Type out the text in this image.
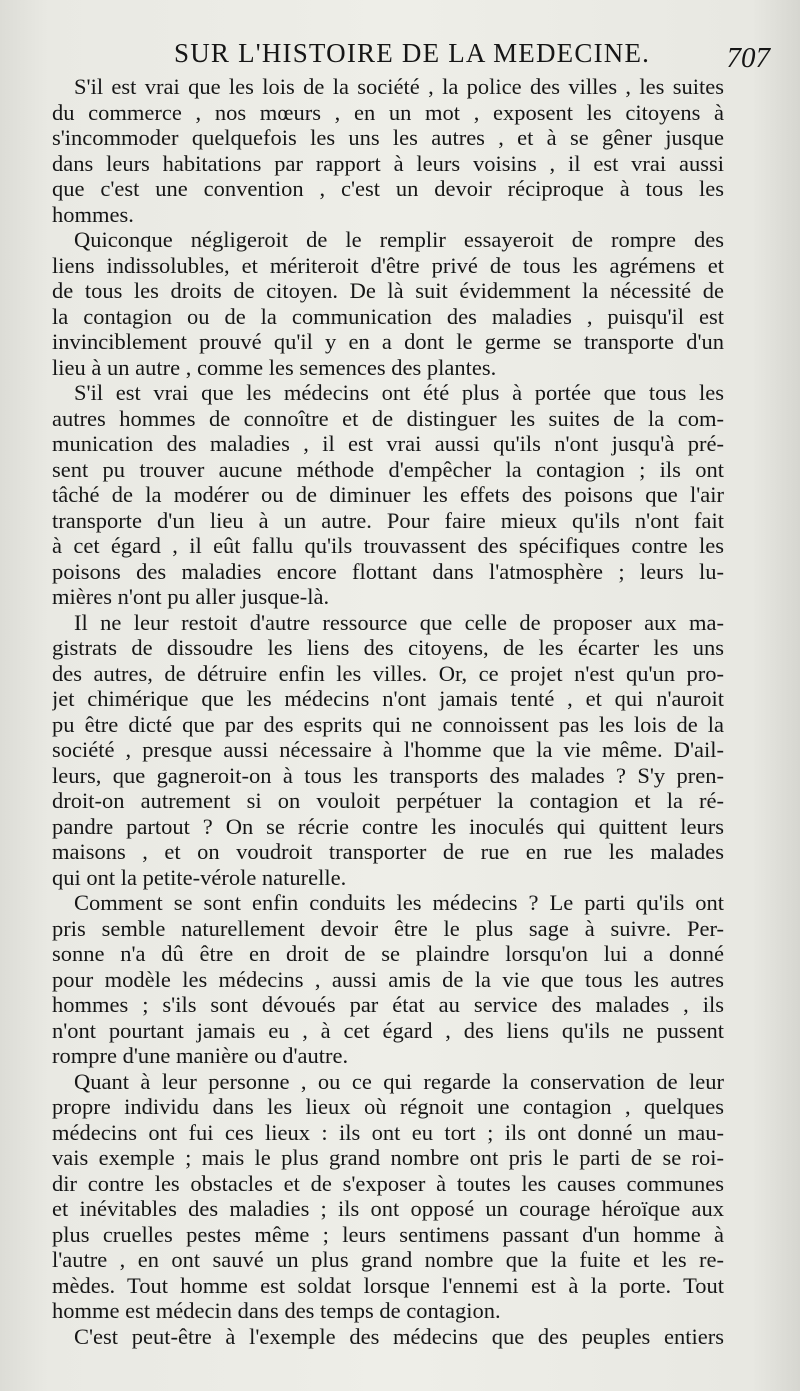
SUR L'HISTOIRE DE LA MEDECINE.	707
S'il est vrai que les lois de la société , la police des villes , les suites
du commerce , nos mœurs , en un mot , exposent les citoyens à
s'incommoder quelquefois les uns les autres , et à se gêner jusque
dans leurs habitations par rapport à leurs voisins , il est vrai aussi
que c'est une convention , c'est un devoir réciproque à tous les
hommes.
Quiconque négligeroit de le remplir essayeroit de rompre des
liens indissolubles, et mériteroit d'être privé de tous les agrémens et
de tous les droits de citoyen. De là suit évidemment la nécessité de
la contagion ou de la communication des maladies , puisqu'il est
invinciblement prouvé qu'il y en a dont le germe se transporte d'un
lieu à un autre , comme les semences des plantes.
S'il est vrai que les médecins ont été plus à portée que tous les
autres hommes de connoître et de distinguer les suites de la com-
munication des maladies , il est vrai aussi qu'ils n'ont jusqu'à pré-
sent pu trouver aucune méthode d'empêcher la contagion ; ils ont
tâché de la modérer ou de diminuer les effets des poisons que l'air
transporte d'un lieu à un autre. Pour faire mieux qu'ils n'ont fait
à cet égard , il eût fallu qu'ils trouvassent des spécifiques contre les
poisons des maladies encore flottant dans l'atmosphère ; leurs lu-
mières n'ont pu aller jusque-là.
Il ne leur restoit d'autre ressource que celle de proposer aux ma-
gistrats de dissoudre les liens des citoyens, de les écarter les uns
des autres, de détruire enfin les villes. Or, ce projet n'est qu'un pro-
jet chimérique que les médecins n'ont jamais tenté , et qui n'auroit
pu être dicté que par des esprits qui ne connoissent pas les lois de la
société , presque aussi nécessaire à l'homme que la vie même. D'ail-
leurs, que gagneroit-on à tous les transports des malades ? S'y pren-
droit-on autrement si on vouloit perpétuer la contagion et la ré-
pandre partout ? On se récrie contre les inoculés qui quittent leurs
maisons , et on voudroit transporter de rue en rue les malades
qui ont la petite-vérole naturelle.
Comment se sont enfin conduits les médecins ? Le parti qu'ils ont
pris semble naturellement devoir être le plus sage à suivre. Per-
sonne n'a dû être en droit de se plaindre lorsqu'on lui a donné
pour modèle les médecins , aussi amis de la vie que tous les autres
hommes ; s'ils sont dévoués par état au service des malades , ils
n'ont pourtant jamais eu , à cet égard , des liens qu'ils ne pussent
rompre d'une manière ou d'autre.
Quant à leur personne , ou ce qui regarde la conservation de leur
propre individu dans les lieux où régnoit une contagion , quelques
médecins ont fui ces lieux : ils ont eu tort ; ils ont donné un mau-
vais exemple ; mais le plus grand nombre ont pris le parti de se roi-
dir contre les obstacles et de s'exposer à toutes les causes communes
et inévitables des maladies ; ils ont opposé un courage héroïque aux
plus cruelles pestes même ; leurs sentimens passant d'un homme à
l'autre , en ont sauvé un plus grand nombre que la fuite et les re-
mèdes. Tout homme est soldat lorsque l'ennemi est à la porte. Tout
homme est médecin dans des temps de contagion.
C'est peut-être à l'exemple des médecins que des peuples entiers
